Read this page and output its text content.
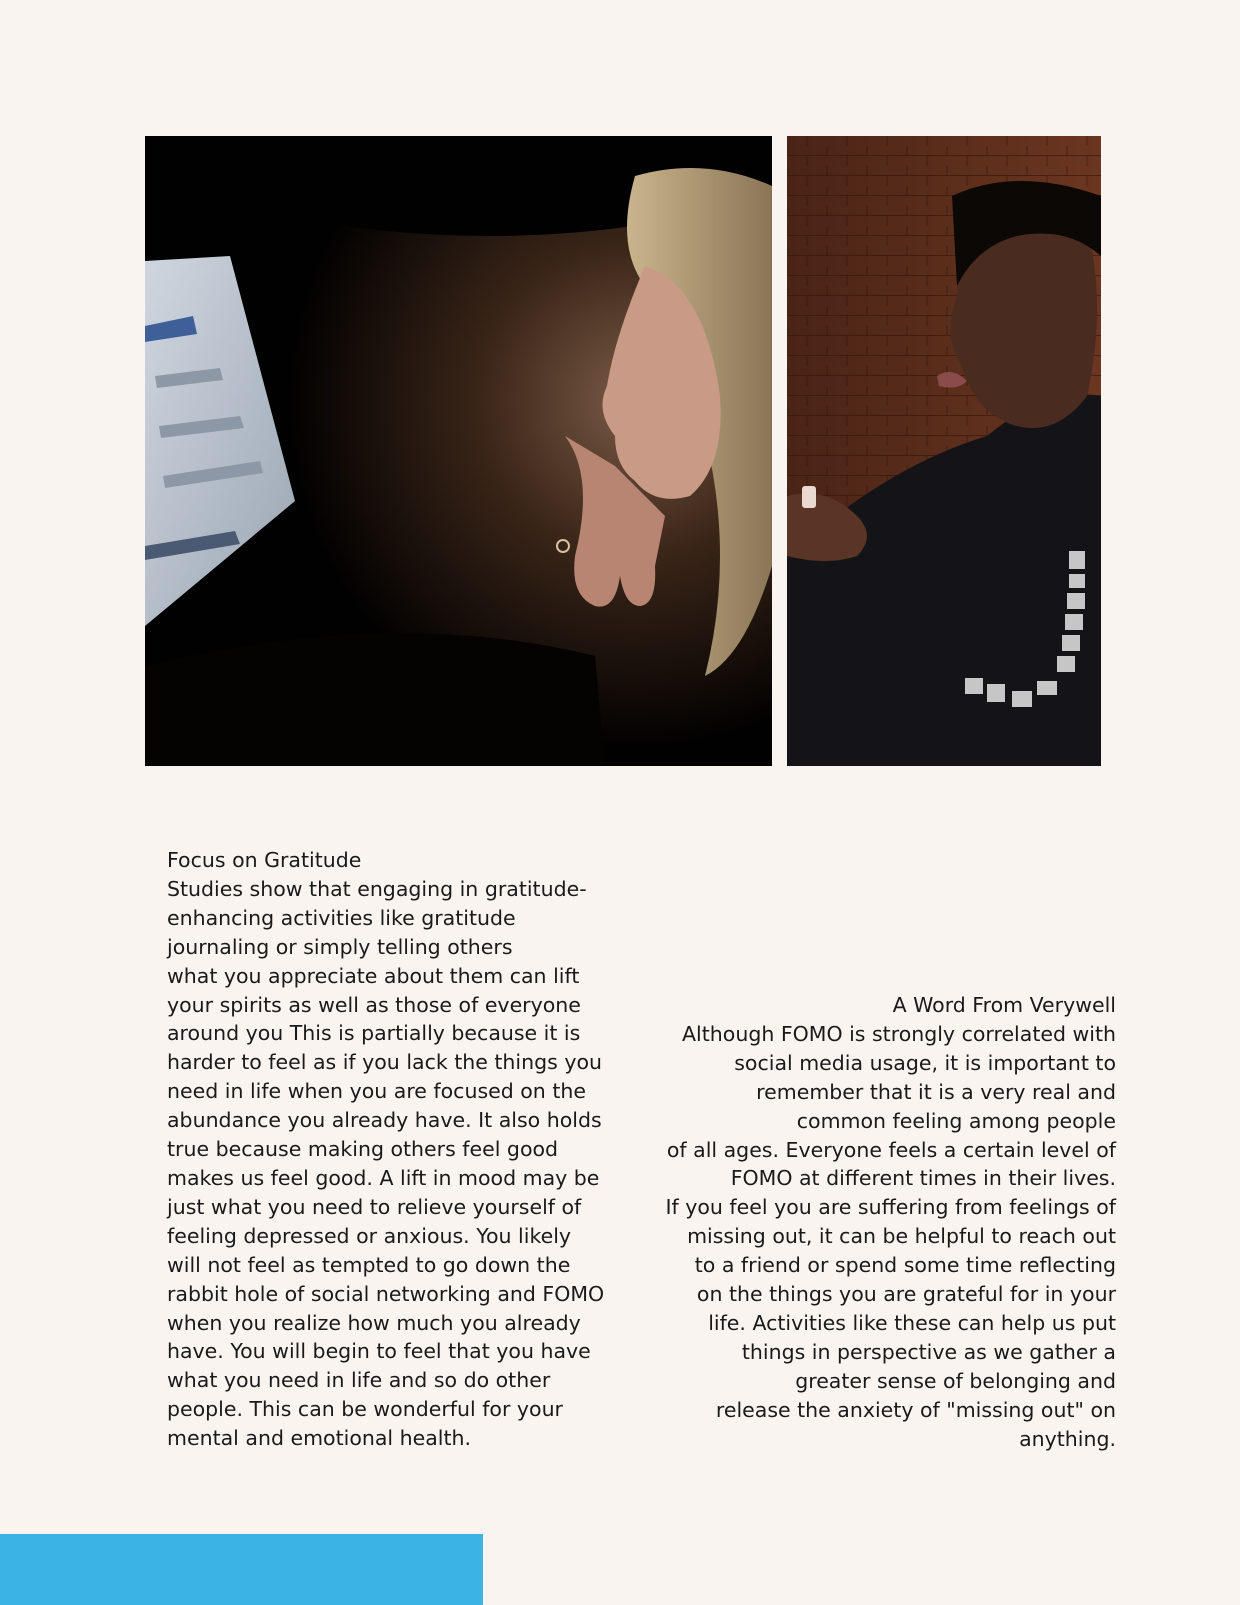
Focus on Gratitude
Studies show that engaging in gratitude-
enhancing activities like gratitude
journaling or simply telling others
what you appreciate about them can lift
your spirits as well as those of everyone
around you This is partially because it is
harder to feel as if you lack the things you
need in life when you are focused on the
abundance you already have. It also holds
true because making others feel good
makes us feel good. A lift in mood may be
just what you need to relieve yourself of
feeling depressed or anxious. You likely
will not feel as tempted to go down the
rabbit hole of social networking and FOMO
when you realize how much you already
have. You will begin to feel that you have
what you need in life and so do other
people. This can be wonderful for your
mental and emotional health.
A Word From Verywell
Although FOMO is strongly correlated with
social media usage, it is important to
remember that it is a very real and
common feeling among people
of all ages. Everyone feels a certain level of
FOMO at different times in their lives.
If you feel you are suffering from feelings of
missing out, it can be helpful to reach out
to a friend or spend some time reflecting
on the things you are grateful for in your
life. Activities like these can help us put
things in perspective as we gather a
greater sense of belonging and
release the anxiety of "missing out" on
anything.
